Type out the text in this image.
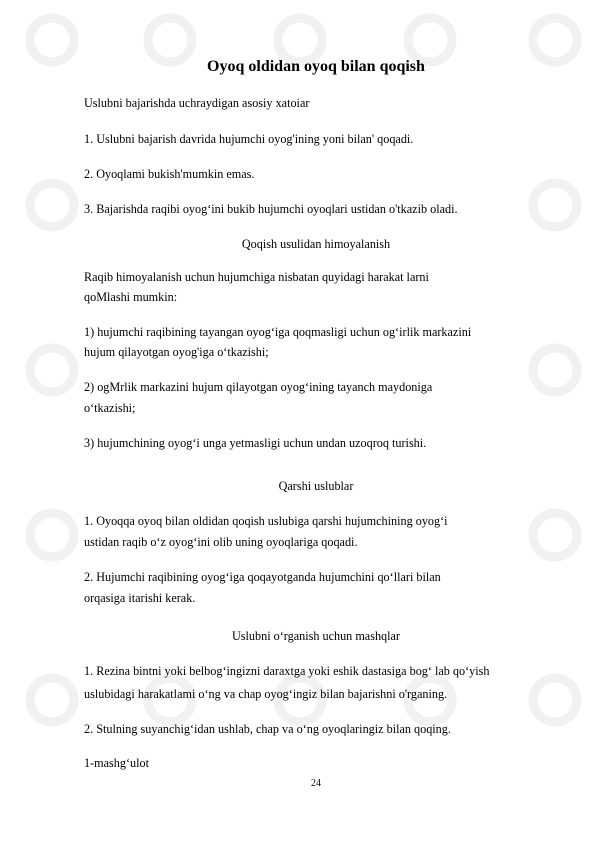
Oyoq oldidan oyoq bilan qoqish
Uslubni bajarishda uchraydigan asosiy xatoiar
1. Uslubni bajarish davrida hujumchi oyog'ining yoni bilan' qoqadi.
2. Oyoqlami bukish'mumkin emas.
3. Bajarishda raqibi oyog‘ini bukib hujumchi oyoqlari ustidan o'tkazib oladi.
Qoqish usulidan himoyalanish
Raqib himoyalanish uchun hujumchiga nisbatan quyidagi harakat larni
qoMlashi mumkin:
1) hujumchi raqibining tayangan oyog‘iga qoqmasligi uchun og‘irlik markazini
hujum qilayotgan oyog'iga o‘tkazishi;
2) ogMrlik markazini hujum qilayotgan oyog‘ining tayanch maydoniga
o‘tkazishi;
3) hujumchining oyog‘i unga yetmasligi uchun undan uzoqroq turishi.
Qarshi uslublar
1. Oyoqqa oyoq bilan oldidan qoqish uslubiga qarshi hujumchining oyog‘i
ustidan raqib o‘z oyog‘ini olib uning oyoqlariga qoqadi.
2. Hujumchi raqibining oyog‘iga qoqayotganda hujumchini qo‘llari bilan
orqasiga itarishi kerak.
Uslubni o‘rganish uchun mashqlar
1. Rezina bintni yoki belbog‘ingizni daraxtga yoki eshik dastasiga bog‘ lab qo‘yish
uslubidagi harakatlami o‘ng va chap oyog‘ingiz bilan bajarishni o'rganing.
2. Stulning suyanchig‘idan ushlab, chap va o‘ng oyoqlaringiz bilan qoqing.
1-mashg‘ulot
24
